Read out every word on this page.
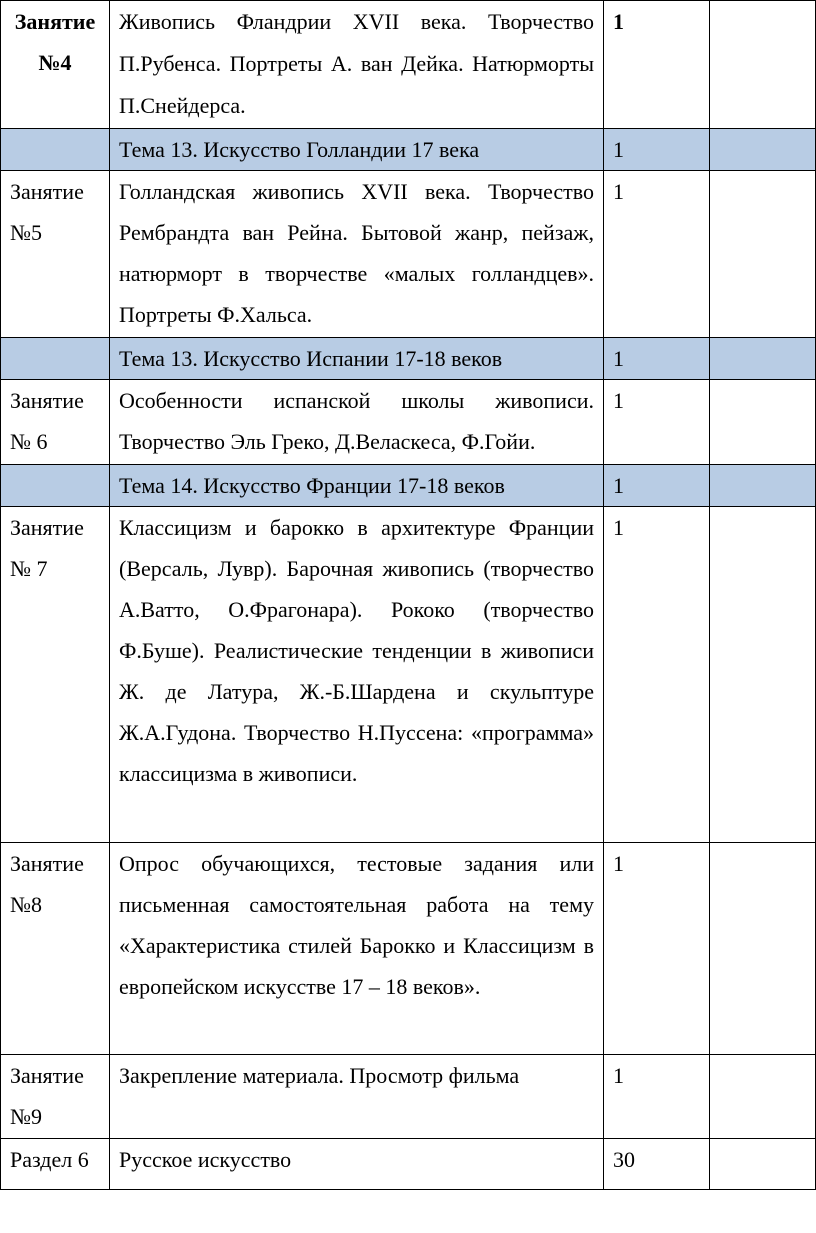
Занятие №4	Живопись Фландрии XVII века. Творчество П.Рубенса. Портреты А. ван Дейка. Натюрморты П.Снейдерса.	1	
	Тема 13. Искусство Голландии 17 века	1	
Занятие №5	Голландская живопись XVII века. Творчество Рембрандта ван Рейна. Бытовой жанр, пейзаж, натюрморт в творчестве «малых голландцев». Портреты Ф.Хальса.	1	
	Тема 13. Искусство Испании 17-18 веков	1	
Занятие № 6	Особенности испанской школы живописи. Творчество Эль Греко, Д.Веласкеса, Ф.Гойи.	1	
	Тема 14. Искусство Франции 17-18 веков	1	
Занятие № 7	Классицизм и барокко в архитектуре Франции (Версаль, Лувр). Барочная живопись (творчество А.Ватто, О.Фрагонара). Рококо (творчество Ф.Буше). Реалистические тенденции в живописи Ж. де Латура, Ж.-Б.Шардена и скульптуре Ж.А.Гудона. Творчество Н.Пуссена: «программа» классицизма в живописи.	1	
Занятие №8	Опрос обучающихся, тестовые задания или письменная самостоятельная работа на тему «Характеристика стилей Барокко и Классицизм в европейском искусстве 17 – 18 веков».	1	
Занятие №9	Закрепление материала. Просмотр фильма	1	
Раздел 6	Русское искусство	30	
